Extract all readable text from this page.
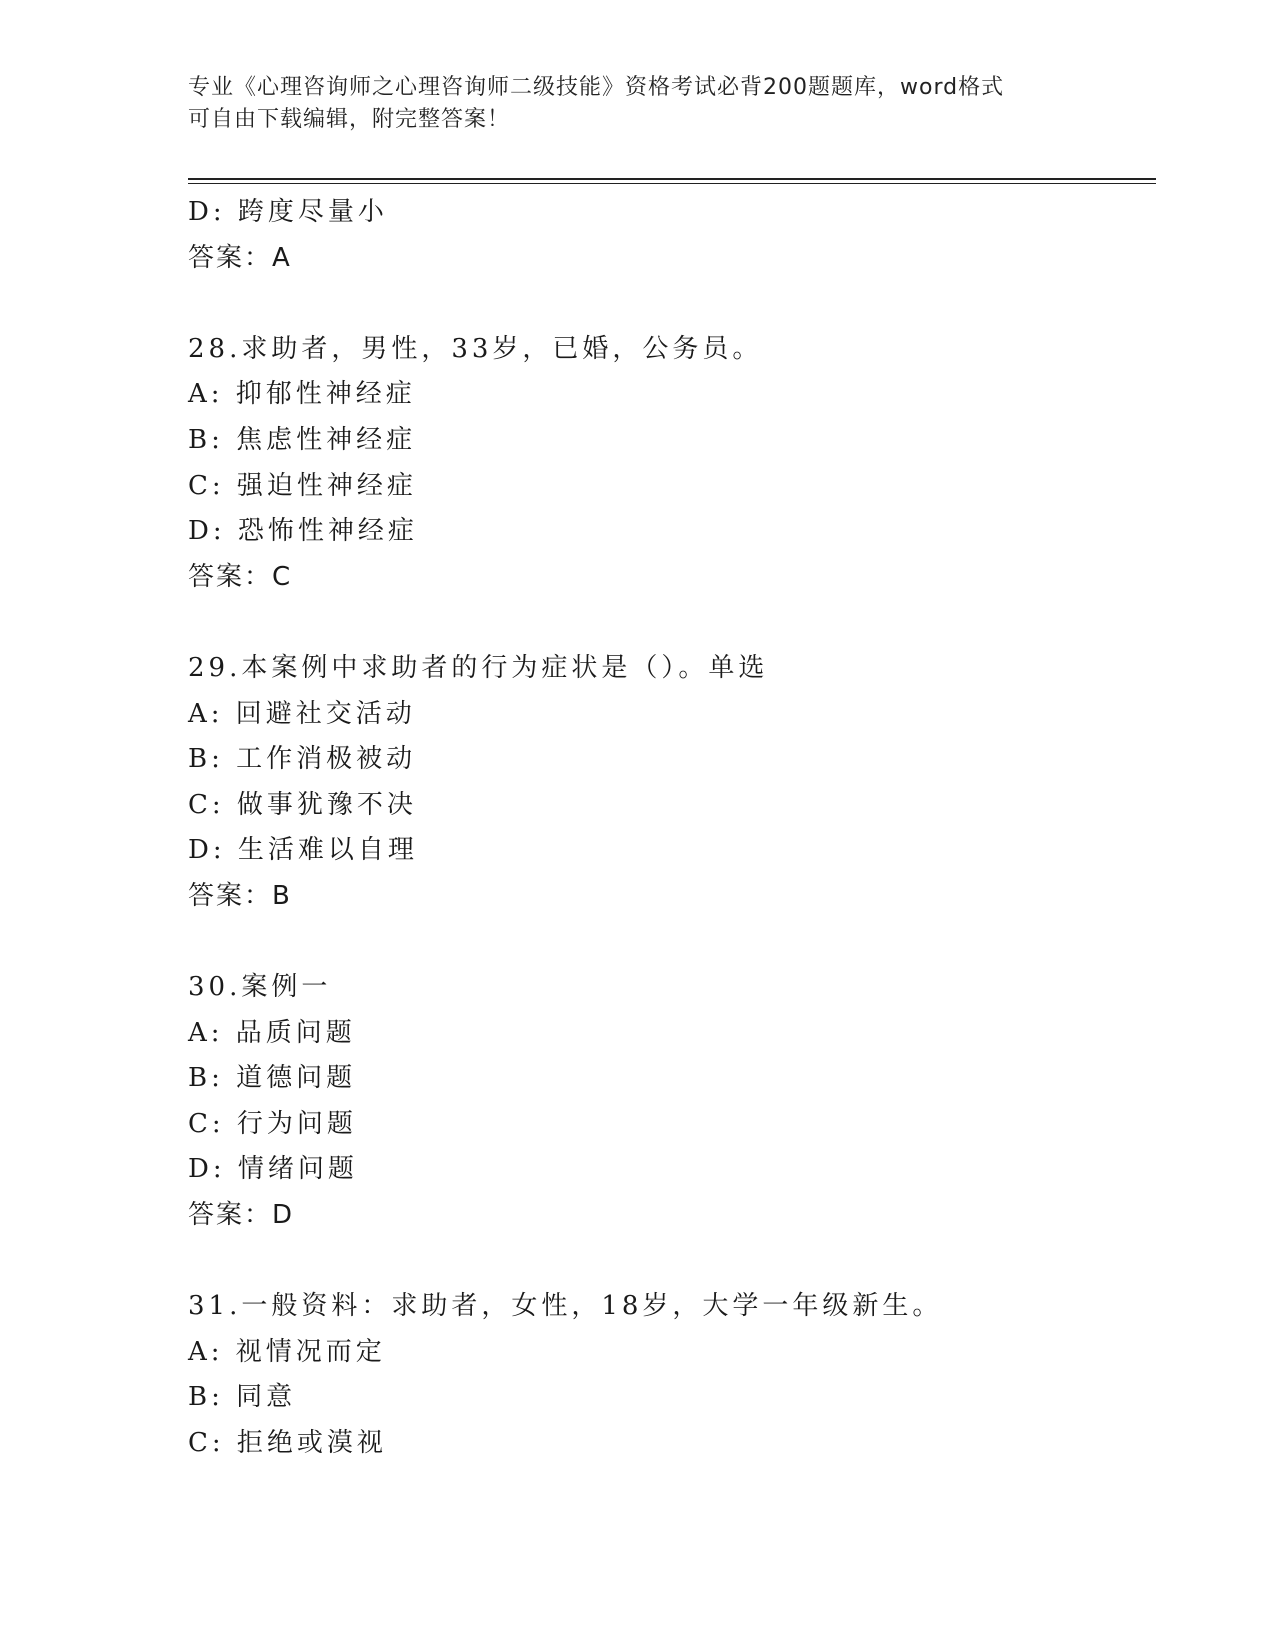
专业《心理咨询师之心理咨询师二级技能》资格考试必背200题题库，word格式
可自由下载编辑，附完整答案！
D: 跨度尽量小
答案：A
28.求助者，男性，33岁，已婚，公务员。
A: 抑郁性神经症
B: 焦虑性神经症
C: 强迫性神经症
D: 恐怖性神经症
答案：C
29.本案例中求助者的行为症状是（）。单选
A: 回避社交活动
B: 工作消极被动
C: 做事犹豫不决
D: 生活难以自理
答案：B
30.案例一
A: 品质问题
B: 道德问题
C: 行为问题
D: 情绪问题
答案：D
31.一般资料：求助者，女性，18岁，大学一年级新生。
A: 视情况而定
B: 同意
C: 拒绝或漠视
